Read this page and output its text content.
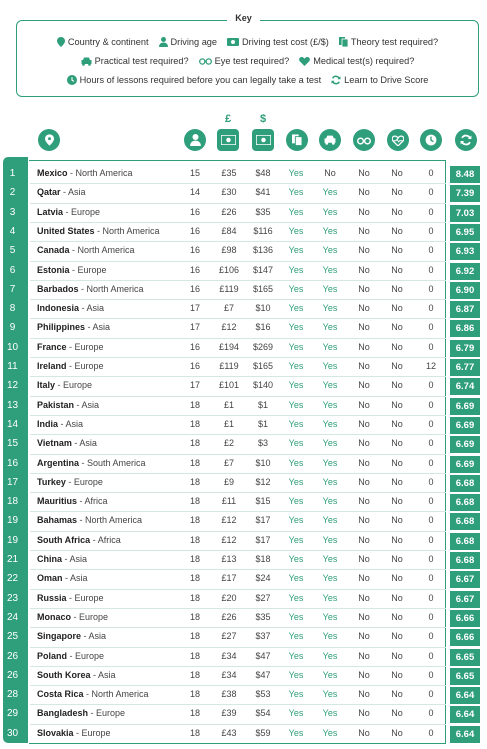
Key
Country & continent Driving age	Driving test cost (£/$) Theory test required?
Practical test required?	Eye test required?	Medical test(s) required?
Hours of lessons required before you can legally take a test	Learn to Drive Score
£	$
1	Mexico - North America	15	£35	$48	Yes	No	No	No	0	8.48
2	Qatar - Asia	14	£30	$41	Yes	Yes	No	No	0	7.39
3	Latvia - Europe	16	£26	$35	Yes	Yes	No	No	0	7.03
4	United States - North America	16	£84	$116	Yes	Yes	No	No	0	6.95
5	Canada - North America	16	£98	$136	Yes	Yes	No	No	0	6.93
6	Estonia - Europe	16	£106	$147	Yes	Yes	No	No	0	6.92
7	Barbados - North America	16	£119	$165	Yes	Yes	No	No	0	6.90
8	Indonesia - Asia	17	£7	$10	Yes	Yes	No	No	0	6.87
9	Philippines - Asia	17	£12	$16	Yes	Yes	No	No	0	6.86
10	France - Europe	16	£194	$269	Yes	Yes	No	No	0	6.79
11	Ireland - Europe	16	£119	$165	Yes	Yes	No	No	12	6.77
12	Italy - Europe	17	£101	$140	Yes	Yes	No	No	0	6.74
13	Pakistan - Asia	18	£1	$1	Yes	Yes	No	No	0	6.69
14	India - Asia	18	£1	$1	Yes	Yes	No	No	0	6.69
15	Vietnam - Asia	18	£2	$3	Yes	Yes	No	No	0	6.69
16	Argentina - South America	18	£7	$10	Yes	Yes	No	No	0	6.69
17	Turkey - Europe	18	£9	$12	Yes	Yes	No	No	0	6.68
18	Mauritius - Africa	18	£11	$15	Yes	Yes	No	No	0	6.68
19	Bahamas - North America	18	£12	$17	Yes	Yes	No	No	0	6.68
19	South Africa - Africa	18	£12	$17	Yes	Yes	No	No	0	6.68
21	China - Asia	18	£13	$18	Yes	Yes	No	No	0	6.68
22	Oman - Asia	18	£17	$24	Yes	Yes	No	No	0	6.67
23	Russia - Europe	18	£20	$27	Yes	Yes	No	No	0	6.67
24	Monaco - Europe	18	£26	$35	Yes	Yes	No	No	0	6.66
25	Singapore - Asia	18	£27	$37	Yes	Yes	No	No	0	6.66
26	Poland - Europe	18	£34	$47	Yes	Yes	No	No	0	6.65
26	South Korea - Asia	18	£34	$47	Yes	Yes	No	No	0	6.65
28	Costa Rica - North America	18	£38	$53	Yes	Yes	No	No	0	6.64
29	Bangladesh - Europe	18	£39	$54	Yes	Yes	No	No	0	6.64
30	Slovakia - Europe	18	£43	$59	Yes	Yes	No	No	0	6.64
